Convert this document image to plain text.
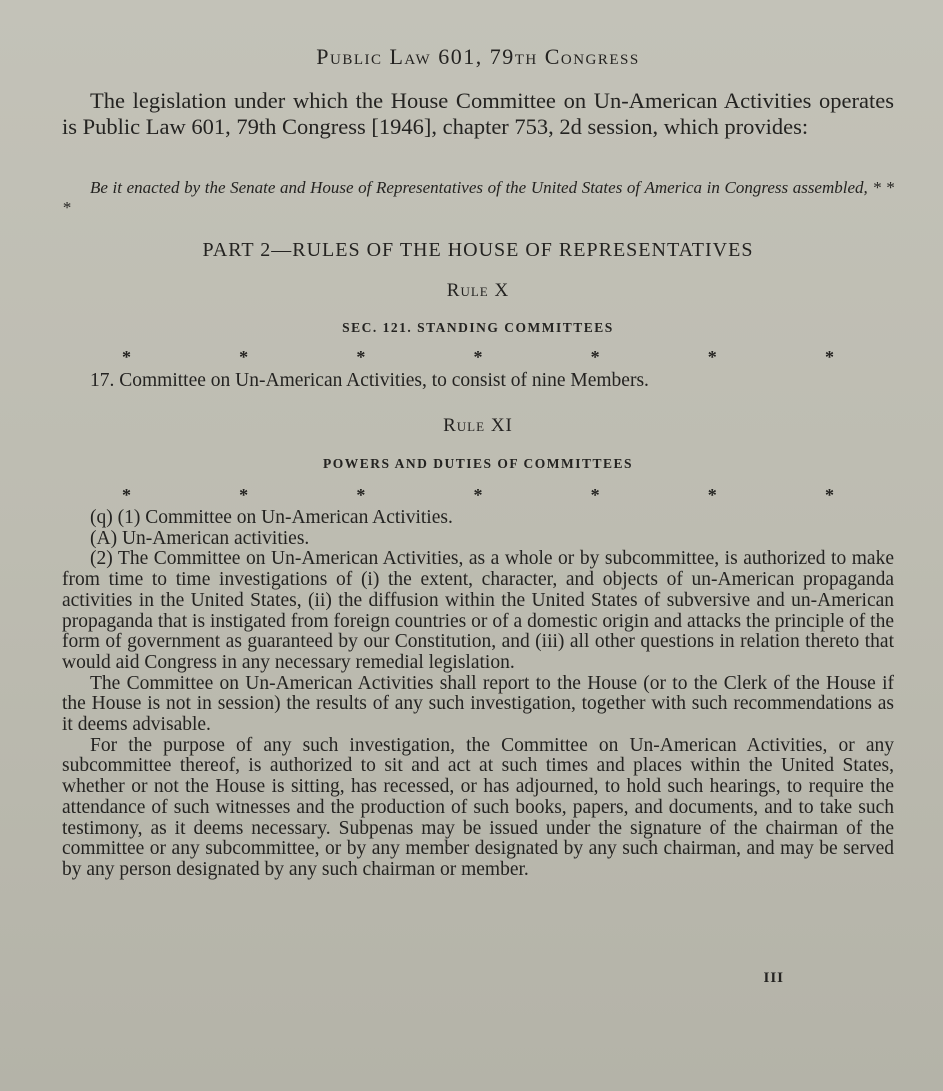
Public Law 601, 79th Congress
The legislation under which the House Committee on Un-American Activities operates is Public Law 601, 79th Congress [1946], chapter 753, 2d session, which provides:
Be it enacted by the Senate and House of Representatives of the United States of America in Congress assembled, * * *
PART 2—RULES OF THE HOUSE OF REPRESENTATIVES
Rule X
SEC. 121. STANDING COMMITTEES
*	*	*	*	*	*	*
17. Committee on Un-American Activities, to consist of nine Members.
Rule XI
POWERS AND DUTIES OF COMMITTEES
*	*	*	*	*	*	*

(q) (1) Committee on Un-American Activities.

(A) Un-American activities.

(2) The Committee on Un-American Activities, as a whole or by subcommittee, is authorized to make from time to time investigations of (i) the extent, character, and objects of un-American propaganda activities in the United States, (ii) the diffusion within the United States of subversive and un-American propaganda that is instigated from foreign countries or of a domestic origin and attacks the principle of the form of government as guaranteed by our Constitution, and (iii) all other questions in relation thereto that would aid Congress in any necessary remedial legislation.

The Committee on Un-American Activities shall report to the House (or to the Clerk of the House if the House is not in session) the results of any such investigation, together with such recommendations as it deems advisable.

For the purpose of any such investigation, the Committee on Un-American Activities, or any subcommittee thereof, is authorized to sit and act at such times and places within the United States, whether or not the House is sitting, has recessed, or has adjourned, to hold such hearings, to require the attendance of such witnesses and the production of such books, papers, and documents, and to take such testimony, as it deems necessary. Subpenas may be issued under the signature of the chairman of the committee or any subcommittee, or by any member designated by any such chairman, and may be served by any person designated by any such chairman or member.

III
